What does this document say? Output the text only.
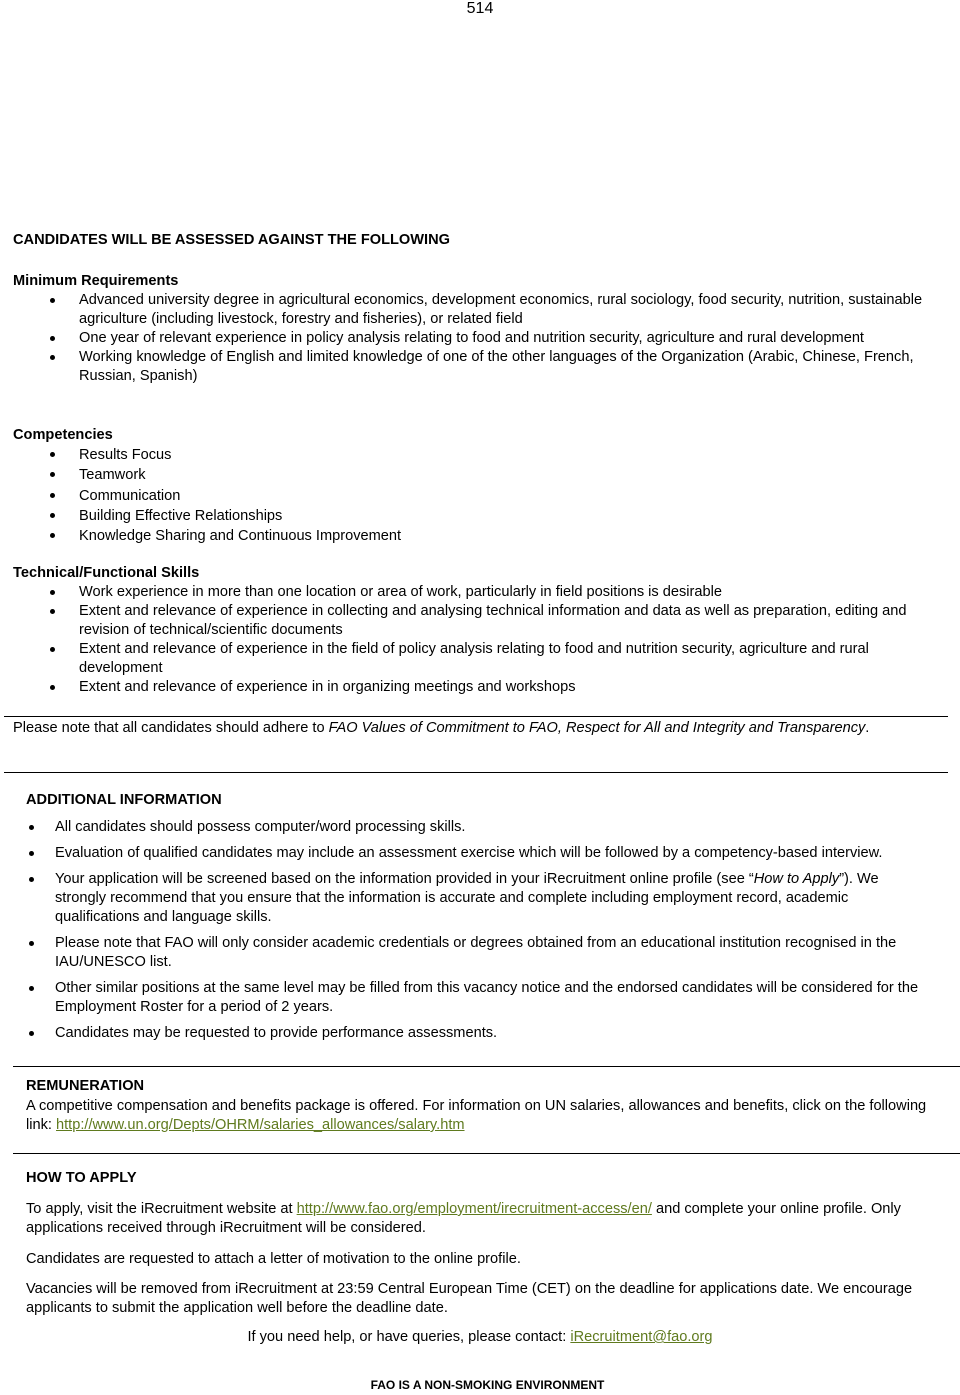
514
CANDIDATES WILL BE ASSESSED AGAINST THE FOLLOWING
Minimum Requirements
Advanced university degree in agricultural economics, development economics, rural sociology, food security, nutrition, sustainable agriculture (including livestock, forestry and fisheries), or related field
One year of relevant experience in policy analysis relating to food and nutrition security, agriculture and rural development
Working knowledge of English and limited knowledge of one of the other languages of the Organization (Arabic, Chinese, French, Russian, Spanish)
Competencies
Results Focus
Teamwork
Communication
Building Effective Relationships
Knowledge Sharing and Continuous Improvement
Technical/Functional Skills
Work experience in more than one location or area of work, particularly in field positions is desirable
Extent and relevance of experience in collecting and analysing technical information and data as well as preparation, editing and revision of technical/scientific documents
Extent and relevance of experience in the field of policy analysis relating to food and nutrition security, agriculture and rural development
Extent and relevance of experience in in organizing meetings and workshops
Please note that all candidates should adhere to FAO Values of Commitment to FAO, Respect for All and Integrity and Transparency.
ADDITIONAL INFORMATION
All candidates should possess computer/word processing skills.
Evaluation of qualified candidates may include an assessment exercise which will be followed by a competency-based interview.
Your application will be screened based on the information provided in your iRecruitment online profile (see “How to Apply”). We strongly recommend that you ensure that the information is accurate and complete including employment record, academic qualifications and language skills.
Please note that FAO will only consider academic credentials or degrees obtained from an educational institution recognised in the IAU/UNESCO list.
Other similar positions at the same level may be filled from this vacancy notice and the endorsed candidates will be considered for the Employment Roster for a period of 2 years.
Candidates may be requested to provide performance assessments.
REMUNERATION
A competitive compensation and benefits package is offered. For information on UN salaries, allowances and benefits, click on the following link: http://www.un.org/Depts/OHRM/salaries_allowances/salary.htm
HOW TO APPLY
To apply, visit the iRecruitment website at http://www.fao.org/employment/irecruitment-access/en/ and complete your online profile. Only applications received through iRecruitment will be considered.
Candidates are requested to attach a letter of motivation to the online profile.
Vacancies will be removed from iRecruitment at 23:59 Central European Time (CET) on the deadline for applications date. We encourage applicants to submit the application well before the deadline date.
If you need help, or have queries, please contact: iRecruitment@fao.org
FAO IS A NON-SMOKING ENVIRONMENT
